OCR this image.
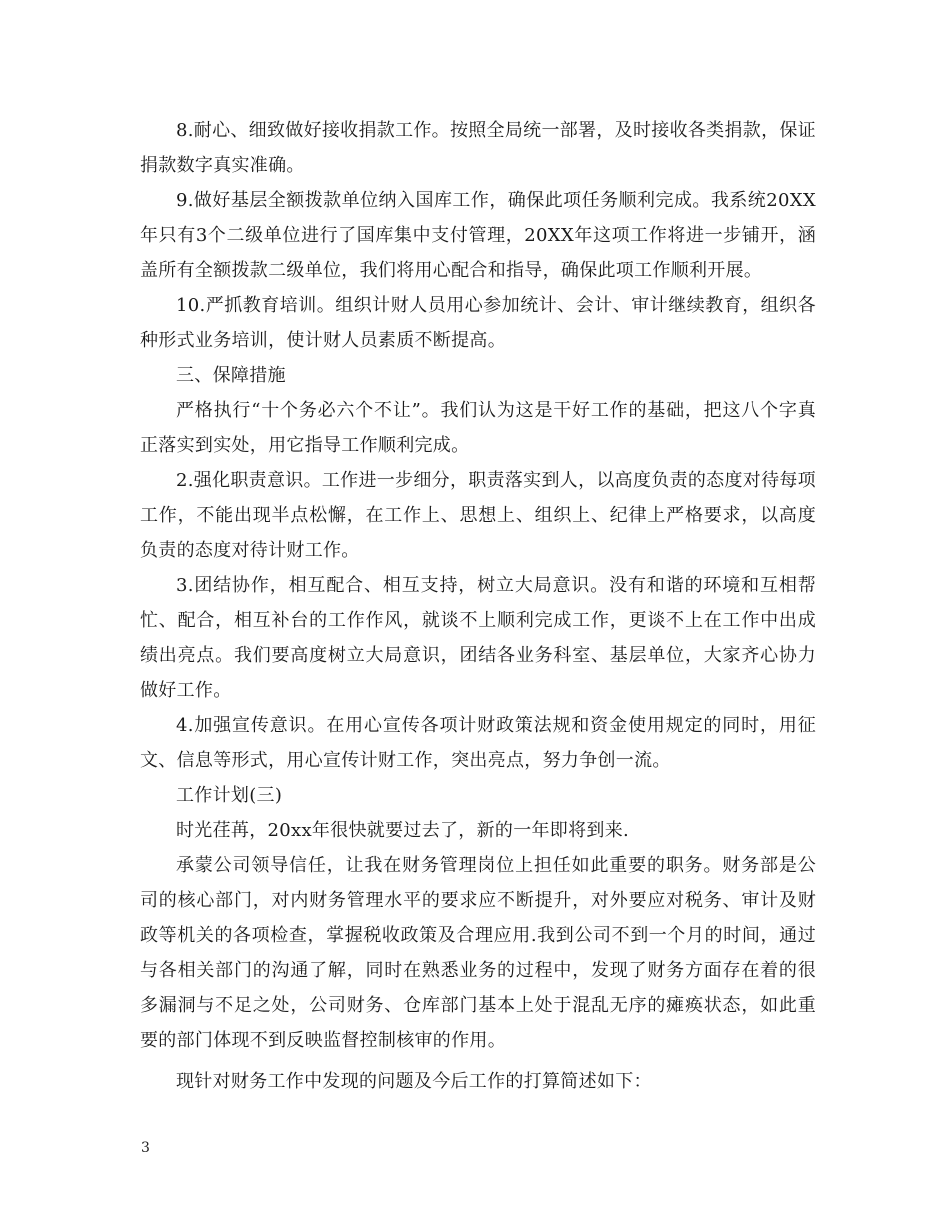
8.耐心、细致做好接收捐款工作。按照全局统一部署，及时接收各类捐款，保证捐款数字真实准确。

9.做好基层全额拨款单位纳入国库工作，确保此项任务顺利完成。我系统20XX年只有3个二级单位进行了国库集中支付管理，20XX年这项工作将进一步铺开，涵盖所有全额拨款二级单位，我们将用心配合和指导，确保此项工作顺利开展。

10.严抓教育培训。组织计财人员用心参加统计、会计、审计继续教育，组织各种形式业务培训，使计财人员素质不断提高。

三、保障措施

严格执行“十个务必六个不让”。我们认为这是干好工作的基础，把这八个字真正落实到实处，用它指导工作顺利完成。

2.强化职责意识。工作进一步细分，职责落实到人，以高度负责的态度对待每项工作，不能出现半点松懈，在工作上、思想上、组织上、纪律上严格要求，以高度负责的态度对待计财工作。

3.团结协作，相互配合、相互支持，树立大局意识。没有和谐的环境和互相帮忙、配合，相互补台的工作作风，就谈不上顺利完成工作，更谈不上在工作中出成绩出亮点。我们要高度树立大局意识，团结各业务科室、基层单位，大家齐心协力做好工作。

4.加强宣传意识。在用心宣传各项计财政策法规和资金使用规定的同时，用征文、信息等形式，用心宣传计财工作，突出亮点，努力争创一流。

工作计划(三)

时光荏苒，20xx年很快就要过去了，新的一年即将到来.

承蒙公司领导信任，让我在财务管理岗位上担任如此重要的职务。财务部是公司的核心部门，对内财务管理水平的要求应不断提升，对外要应对税务、审计及财政等机关的各项检查，掌握税收政策及合理应用.我到公司不到一个月的时间，通过与各相关部门的沟通了解，同时在熟悉业务的过程中，发现了财务方面存在着的很多漏洞与不足之处，公司财务、仓库部门基本上处于混乱无序的瘫痪状态，如此重要的部门体现不到反映监督控制核审的作用。

现针对财务工作中发现的问题及今后工作的打算简述如下：

3
